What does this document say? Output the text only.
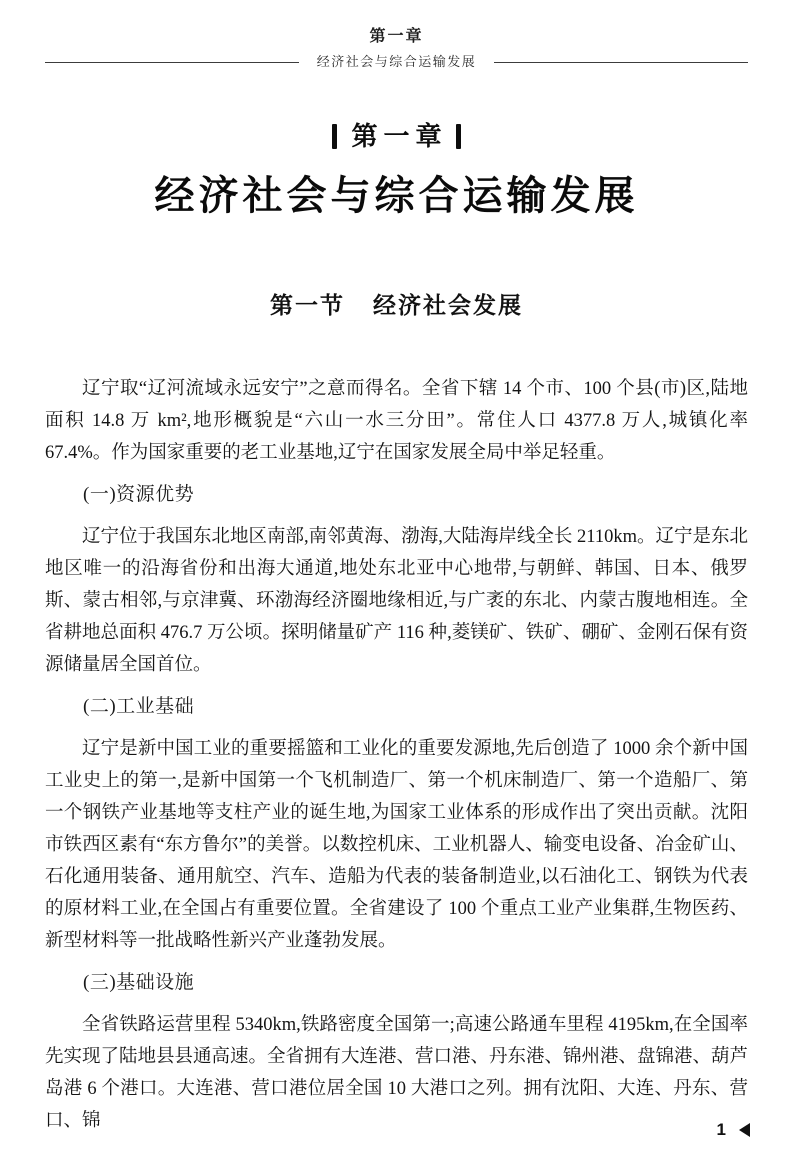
第一章
经济社会与综合运输发展
第一章
经济社会与综合运输发展
第一节 经济社会发展

辽宁取“辽河流域永远安宁”之意而得名。全省下辖 14 个市、100 个县(市)区,陆地面积 14.8 万 km²,地形概貌是“六山一水三分田”。常住人口 4377.8 万人,城镇化率 67.4%。作为国家重要的老工业基地,辽宁在国家发展全局中举足轻重。

(一)资源优势

辽宁位于我国东北地区南部,南邻黄海、渤海,大陆海岸线全长 2110km。辽宁是东北地区唯一的沿海省份和出海大通道,地处东北亚中心地带,与朝鲜、韩国、日本、俄罗斯、蒙古相邻,与京津冀、环渤海经济圈地缘相近,与广袤的东北、内蒙古腹地相连。全省耕地总面积 476.7 万公顷。探明储量矿产 116 种,菱镁矿、铁矿、硼矿、金刚石保有资源储量居全国首位。

(二)工业基础

辽宁是新中国工业的重要摇篮和工业化的重要发源地,先后创造了 1000 余个新中国工业史上的第一,是新中国第一个飞机制造厂、第一个机床制造厂、第一个造船厂、第一个钢铁产业基地等支柱产业的诞生地,为国家工业体系的形成作出了突出贡献。沈阳市铁西区素有“东方鲁尔”的美誉。以数控机床、工业机器人、输变电设备、冶金矿山、石化通用装备、通用航空、汽车、造船为代表的装备制造业,以石油化工、钢铁为代表的原材料工业,在全国占有重要位置。全省建设了 100 个重点工业产业集群,生物医药、新型材料等一批战略性新兴产业蓬勃发展。

(三)基础设施

全省铁路运营里程 5340km,铁路密度全国第一;高速公路通车里程 4195km,在全国率先实现了陆地县县通高速。全省拥有大连港、营口港、丹东港、锦州港、盘锦港、葫芦岛港 6 个港口。大连港、营口港位居全国 10 大港口之列。拥有沈阳、大连、丹东、营口、锦	1
